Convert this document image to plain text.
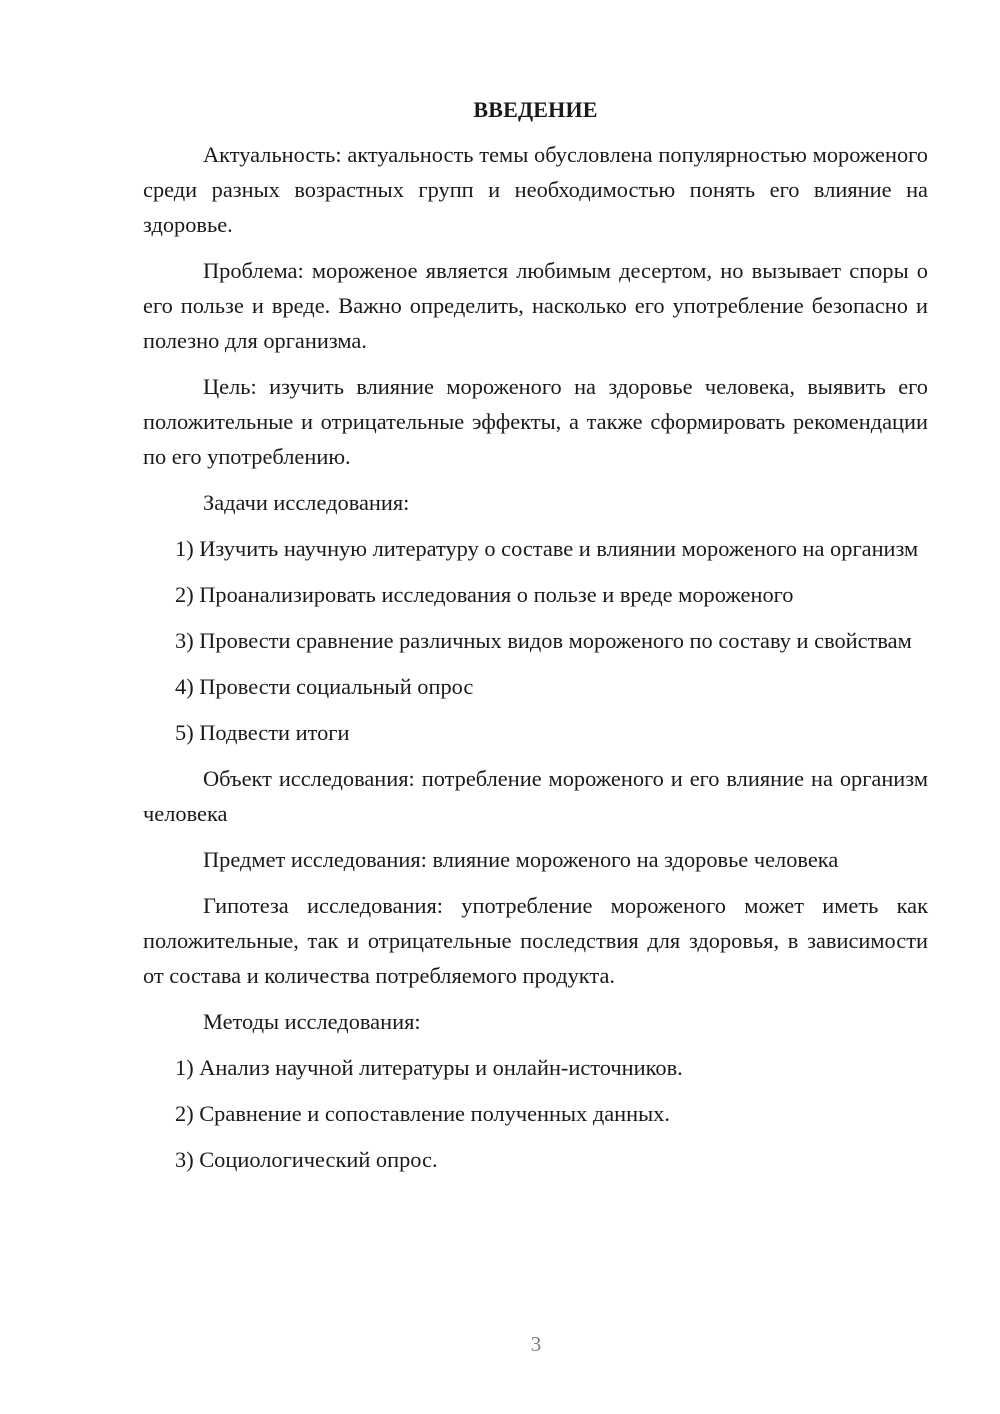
ВВЕДЕНИЕ

Актуальность: актуальность темы обусловлена популярностью мороженого среди разных возрастных групп и необходимостью понять его влияние на здоровье.

Проблема: мороженое является любимым десертом, но вызывает споры о его пользе и вреде. Важно определить, насколько его употребление безопасно и полезно для организма.

Цель: изучить влияние мороженого на здоровье человека, выявить его положительные и отрицательные эффекты, а также сформировать рекомендации по его употреблению.

Задачи исследования:

1) Изучить научную литературу о составе и влиянии мороженого на организм

2) Проанализировать исследования о пользе и вреде мороженого

3) Провести сравнение различных видов мороженого по составу и свойствам

4) Провести социальный опрос

5) Подвести итоги

Объект исследования: потребление мороженого и его влияние на организм человека

Предмет исследования: влияние мороженого на здоровье человека

Гипотеза исследования: употребление мороженого может иметь как положительные, так и отрицательные последствия для здоровья, в зависимости от состава и количества потребляемого продукта.

Методы исследования:

1) Анализ научной литературы и онлайн-источников.

2) Сравнение и сопоставление полученных данных.

3) Социологический опрос.

3
